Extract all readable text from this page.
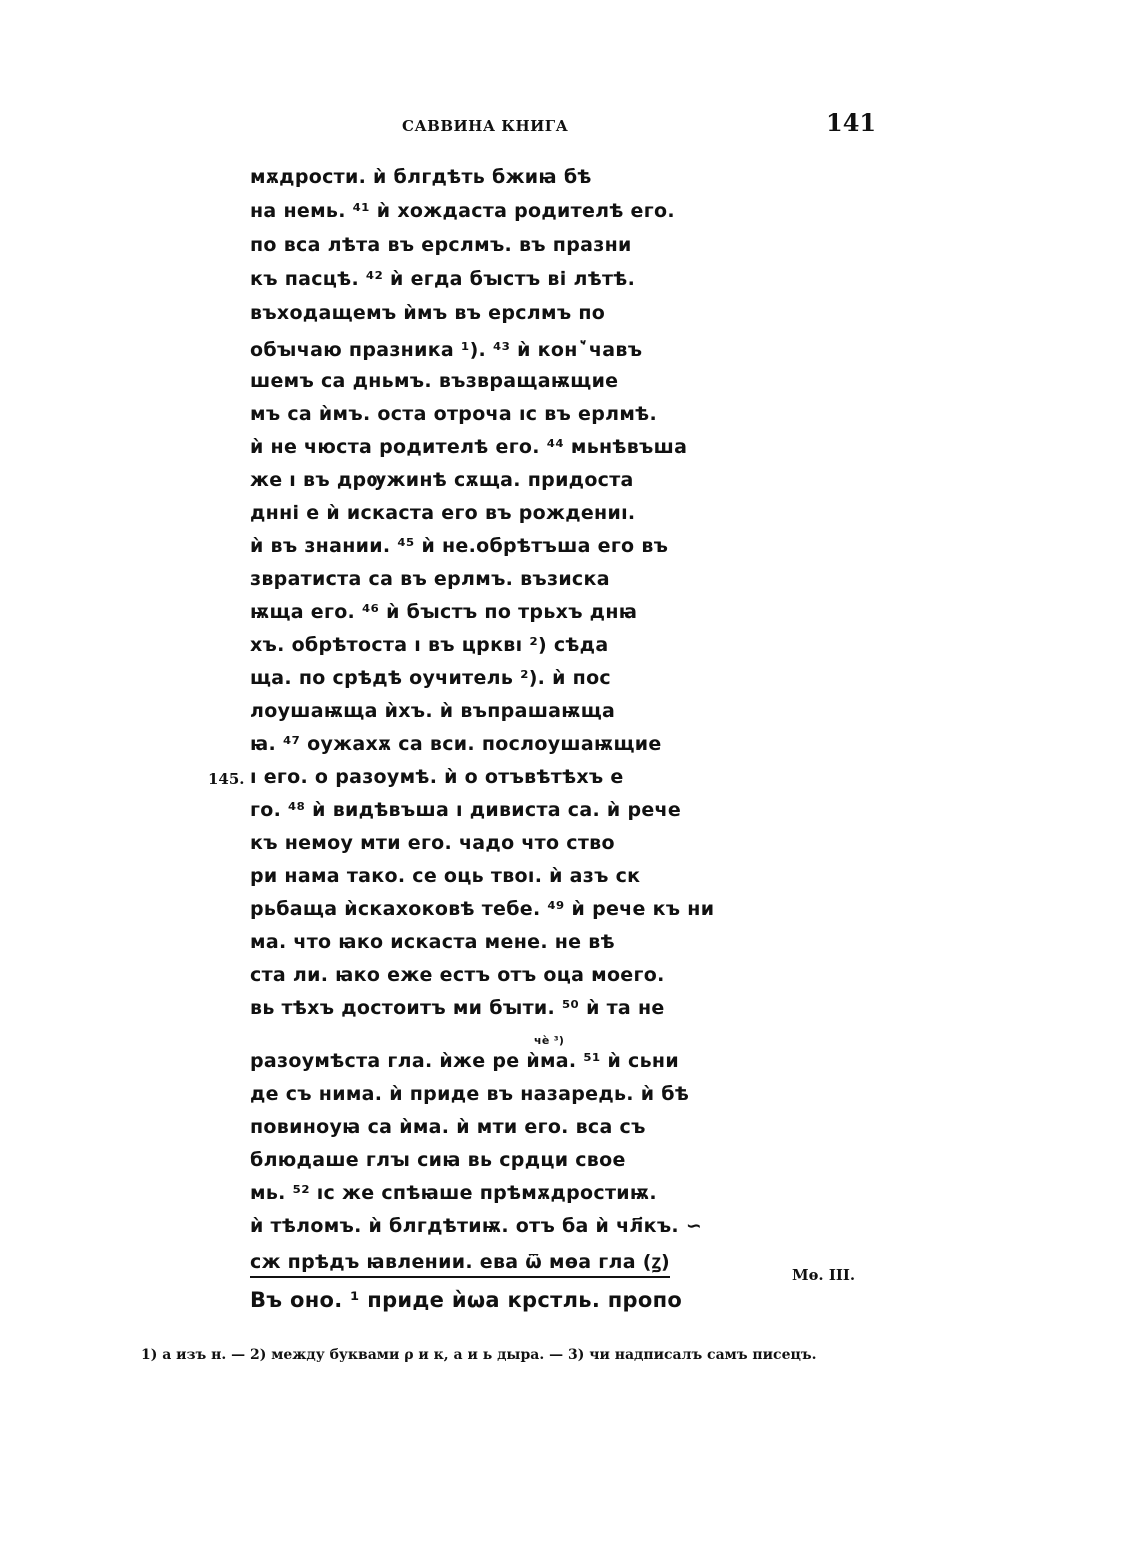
САВВИНА КНИГА	141
мѫдрости. ѝ блгдѣть бжиꙗ бѣ
на немь. ⁴¹ ѝ хождаста родителѣ его.
по вса лѣта въ ерслмъ. въ празни
къ пасцѣ. ⁴² ѝ егда бꙑстъ ві лѣтѣ.
въходащемъ ѝмъ въ ерслмъ по
обꙑчаю празника ¹). ⁴³ ѝ конꙿчавъ
шемъ са дньмъ. възвращаѭщие
мъ са ѝмъ. оста отроча ıс въ ерлмѣ.
ѝ не чюста родителѣ его. ⁴⁴ мьнѣвъша
же ı въ дрѹжинѣ сѫща. придоста
днні е ѝ искаста его въ рождениı.
ѝ въ знании. ⁴⁵ ѝ не.обрѣтъша его въ
звратиста са въ ерлмъ. възиска
ѭща его. ⁴⁶ ѝ бꙑстъ по трьхъ днꙗ
хъ. обрѣтоста ı въ црквı ²) сѣда
ща. по срѣдѣ оучитель ²). ѝ пос
лоушаѭща ѝхъ. ѝ въпрашаѭща
ꙗ. ⁴⁷ оужахѫ са вси. послоушаѭщие
ı его. о разоумѣ. ѝ о отъвѣтѣхъ е
го. ⁴⁸ ѝ видѣвъша ı дивиста са. ѝ рече
къ немоу мти его. чадо что ство
ри нама тако. се оць твоı. ѝ азъ ск
рьбаща ѝскахоковѣ тебе. ⁴⁹ ѝ рече къ ни
ма. что ꙗко искаста мене. не вѣ
ста ли. ꙗко еже естъ отъ оца моего.
вь тѣхъ достоитъ ми бꙑти. ⁵⁰ ѝ та не
чѐ ³)
разоумѣста гла. ѝже ре ѝма. ⁵¹ ѝ сьни
де съ нима. ѝ приде въ назаредь. ѝ бѣ
повиноуꙗ са ѝма. ѝ мти его. вса съ
блюдаше глꙑ сиꙗ вь срдци свое
мь. ⁵² ıс же спѣꙗше прѣмѫдростиѭ.
ѝ тѣломъ. ѝ блгдѣтиѭ. отъ ба ѝ чл҃къ. ∽
сж прѣдъ ꙗвлении. ева ѿ мѳа гла (ꙁ)
Въ оно. ¹ приде ѝωа крстль. пропо
145.
Мѳ. III.
1) a изъ н. — 2) между буквами ρ и к, а и ь дыра. — 3) чи надписалъ самъ писецъ.
